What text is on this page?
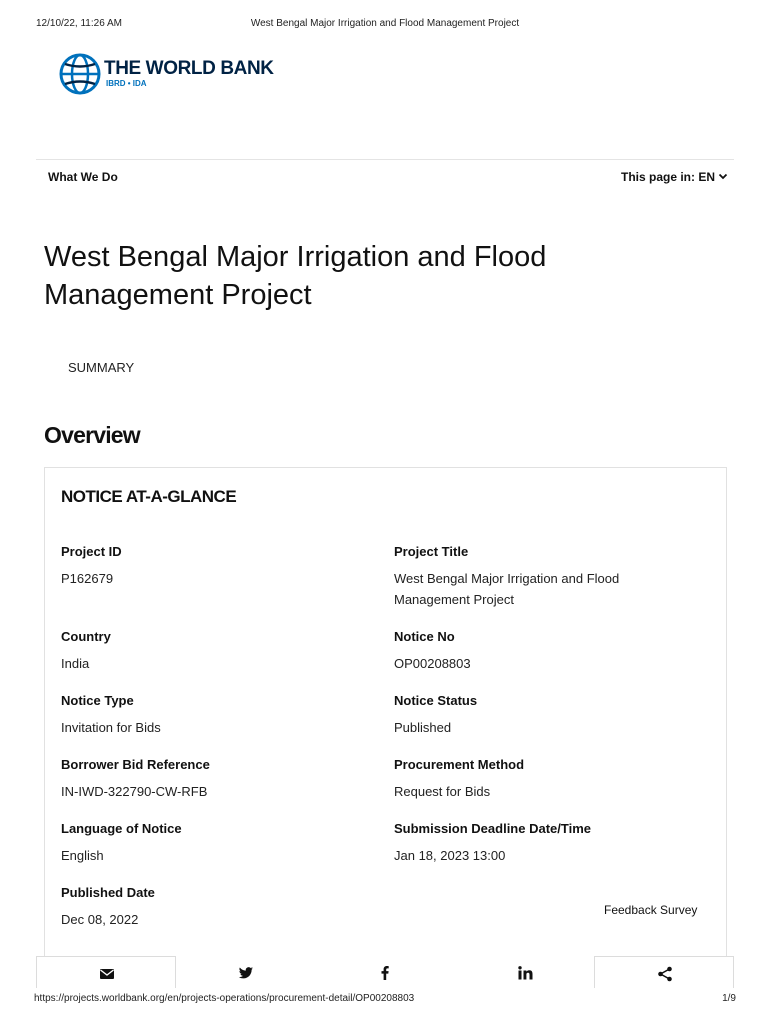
12/10/22, 11:26 AM	West Bengal Major Irrigation and Flood Management Project
THE WORLD BANK
IBRD • IDA
What We Do	This page in: EN
West Bengal Major Irrigation and Flood Management Project
SUMMARY
Overview
NOTICE AT-A-GLANCE
Project ID
P162679
Project Title
West Bengal Major Irrigation and Flood Management Project
Country
India
Notice No
OP00208803
Notice Type
Invitation for Bids
Notice Status
Published
Borrower Bid Reference
IN-IWD-322790-CW-RFB
Procurement Method
Request for Bids
Language of Notice
English
Submission Deadline Date/Time
Jan 18, 2023 13:00
Published Date
Dec 08, 2022
Feedback Survey
https://projects.worldbank.org/en/projects-operations/procurement-detail/OP00208803	1/9
